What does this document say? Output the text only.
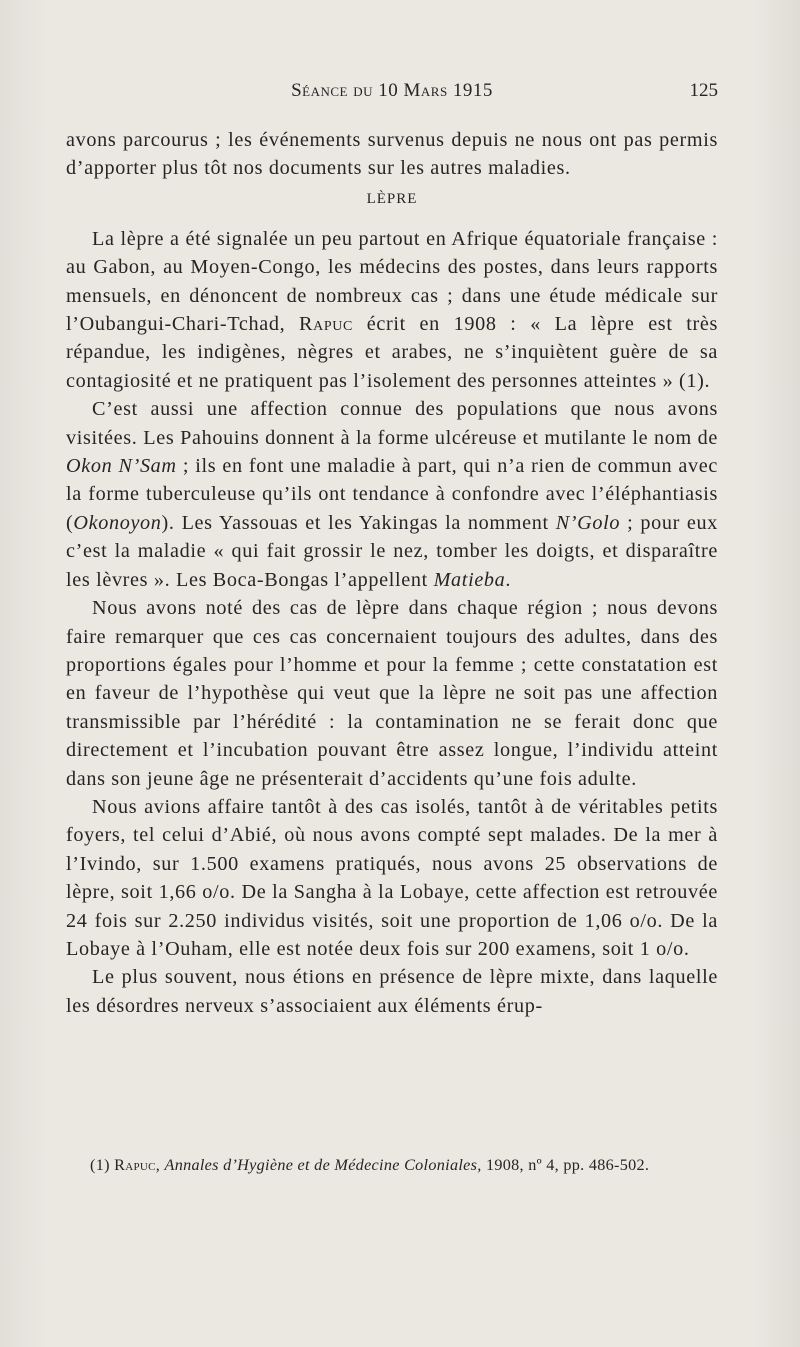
Séance du 10 Mars 1915	125

avons parcourus ; les événements survenus depuis ne nous ont pas permis d’apporter plus tôt nos documents sur les autres maladies.

LÈPRE

La lèpre a été signalée un peu partout en Afrique équatoriale française : au Gabon, au Moyen-Congo, les médecins des postes, dans leurs rapports mensuels, en dénoncent de nombreux cas ; dans une étude médicale sur l’Oubangui-Chari-Tchad, Rapuc écrit en 1908 : « La lèpre est très répandue, les indigènes, nègres et arabes, ne s’inquiètent guère de sa contagiosité et ne pratiquent pas l’isolement des personnes atteintes » (1).

C’est aussi une affection connue des populations que nous avons visitées. Les Pahouins donnent à la forme ulcéreuse et mutilante le nom de Okon N’Sam ; ils en font une maladie à part, qui n’a rien de commun avec la forme tuberculeuse qu’ils ont tendance à confondre avec l’éléphantiasis (Okonoyon). Les Yassouas et les Yakingas la nomment N’Golo ; pour eux c’est la maladie « qui fait grossir le nez, tomber les doigts, et disparaître les lèvres ». Les Boca-Bongas l’appellent Matieba.

Nous avons noté des cas de lèpre dans chaque région ; nous devons faire remarquer que ces cas concernaient toujours des adultes, dans des proportions égales pour l’homme et pour la femme ; cette constatation est en faveur de l’hypothèse qui veut que la lèpre ne soit pas une affection transmissible par l’hérédité : la contamination ne se ferait donc que directement et l’incubation pouvant être assez longue, l’individu atteint dans son jeune âge ne présenterait d’accidents qu’une fois adulte.

Nous avions affaire tantôt à des cas isolés, tantôt à de véritables petits foyers, tel celui d’Abié, où nous avons compté sept malades. De la mer à l’Ivindo, sur 1.500 examens pratiqués, nous avons 25 observations de lèpre, soit 1,66 o/o. De la Sangha à la Lobaye, cette affection est retrouvée 24 fois sur 2.250 individus visités, soit une proportion de 1,06 o/o. De la Lobaye à l’Ouham, elle est notée deux fois sur 200 examens, soit 1 o/o.

Le plus souvent, nous étions en présence de lèpre mixte, dans laquelle les désordres nerveux s’associaient aux éléments érup-

(1) Rapuc, Annales d’Hygiène et de Médecine Coloniales, 1908, nº 4, pp. 486-502.
